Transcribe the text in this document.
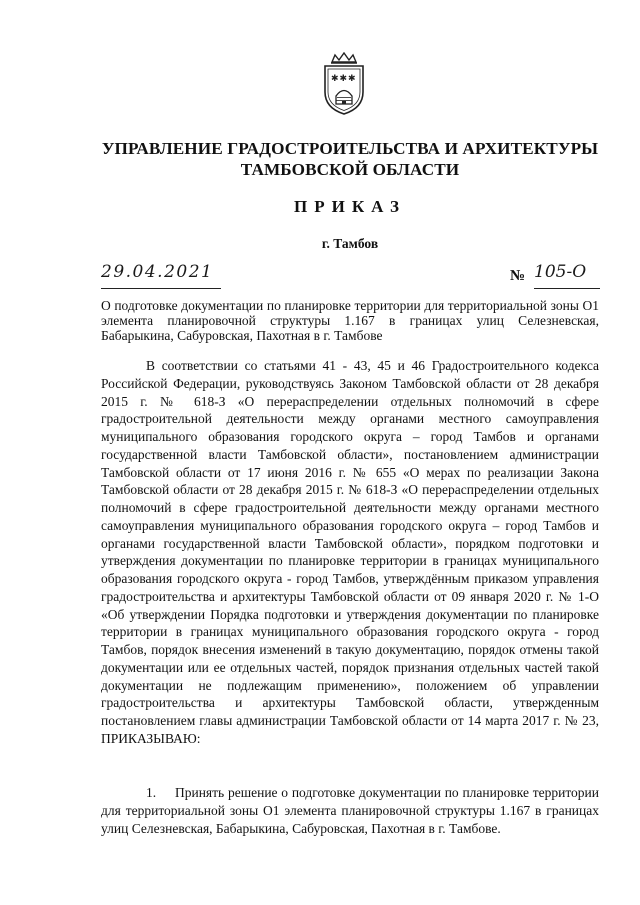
✱ ✱ ✱
УПРАВЛЕНИЕ ГРАДОСТРОИТЕЛЬСТВА И АРХИТЕКТУРЫ
ТАМБОВСКОЙ ОБЛАСТИ
ПРИКАЗ
г. Тамбов
29.04.2021	№ 105-О
О подготовке документации по планировке территории для территориальной зоны О1 элемента планировочной структуры 1.167 в границах улиц Селезневская, Бабарыкина, Сабуровская, Пахотная в г. Тамбове
В соответствии со статьями 41 - 43, 45 и 46 Градостроительного кодекса Российской Федерации, руководствуясь Законом Тамбовской области от 28 декабря 2015 г. № 618-З «О перераспределении отдельных полномочий в сфере градостроительной деятельности между органами местного самоуправления муниципального образования городского округа – город Тамбов и органами государственной власти Тамбовской области», постановлением администрации Тамбовской области от 17 июня 2016 г. № 655 «О мерах по реализации Закона Тамбовской области от 28 декабря 2015 г. № 618-З «О перераспределении отдельных полномочий в сфере градостроительной деятельности между органами местного самоуправления муниципального образования городского округа – город Тамбов и органами государственной власти Тамбовской области», порядком подготовки и утверждения документации по планировке территории в границах муниципального образования городского округа - город Тамбов, утверждённым приказом управления градостроительства и архитектуры Тамбовской области от 09 января 2020 г. № 1-О «Об утверждении Порядка подготовки и утверждения документации по планировке территории в границах муниципального образования городского округа - город Тамбов, порядок внесения изменений в такую документацию, порядок отмены такой документации или ее отдельных частей, порядок признания отдельных частей такой документации не подлежащим применению», положением об управлении градостроительства и архитектуры Тамбовской области, утвержденным постановлением главы администрации Тамбовской области от 14 марта 2017 г. № 23, ПРИКАЗЫВАЮ:
1. Принять решение о подготовке документации по планировке территории для территориальной зоны О1 элемента планировочной структуры 1.167 в границах улиц Селезневская, Бабарыкина, Сабуровская, Пахотная в г. Тамбове.
